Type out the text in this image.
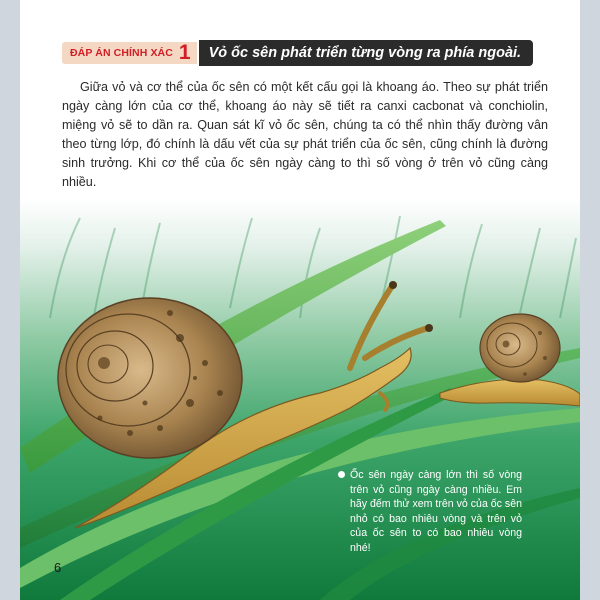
ĐÁP ÁN CHÍNH XÁC 1 Vỏ ốc sên phát triển từng vòng ra phía ngoài.

Giữa vỏ và cơ thể của ốc sên có một kết cấu gọi là khoang áo. Theo sự phát triển ngày càng lớn của cơ thể, khoang áo này sẽ tiết ra canxi cacbonat và conchiolin, miệng vỏ sẽ to dần ra. Quan sát kĩ vỏ ốc sên, chúng ta có thể nhìn thấy đường vân theo từng lớp, đó chính là dấu vết của sự phát triển của ốc sên, cũng chính là đường sinh trưởng. Khi cơ thể của ốc sên ngày càng to thì số vòng ở trên vỏ cũng càng nhiều.

Ốc sên ngày càng lớn thì số vòng trên vỏ cũng ngày càng nhiều. Em hãy đếm thử xem trên vỏ của ốc sên nhỏ có bao nhiêu vòng và trên vỏ của ốc sên to có bao nhiêu vòng nhé!
6
